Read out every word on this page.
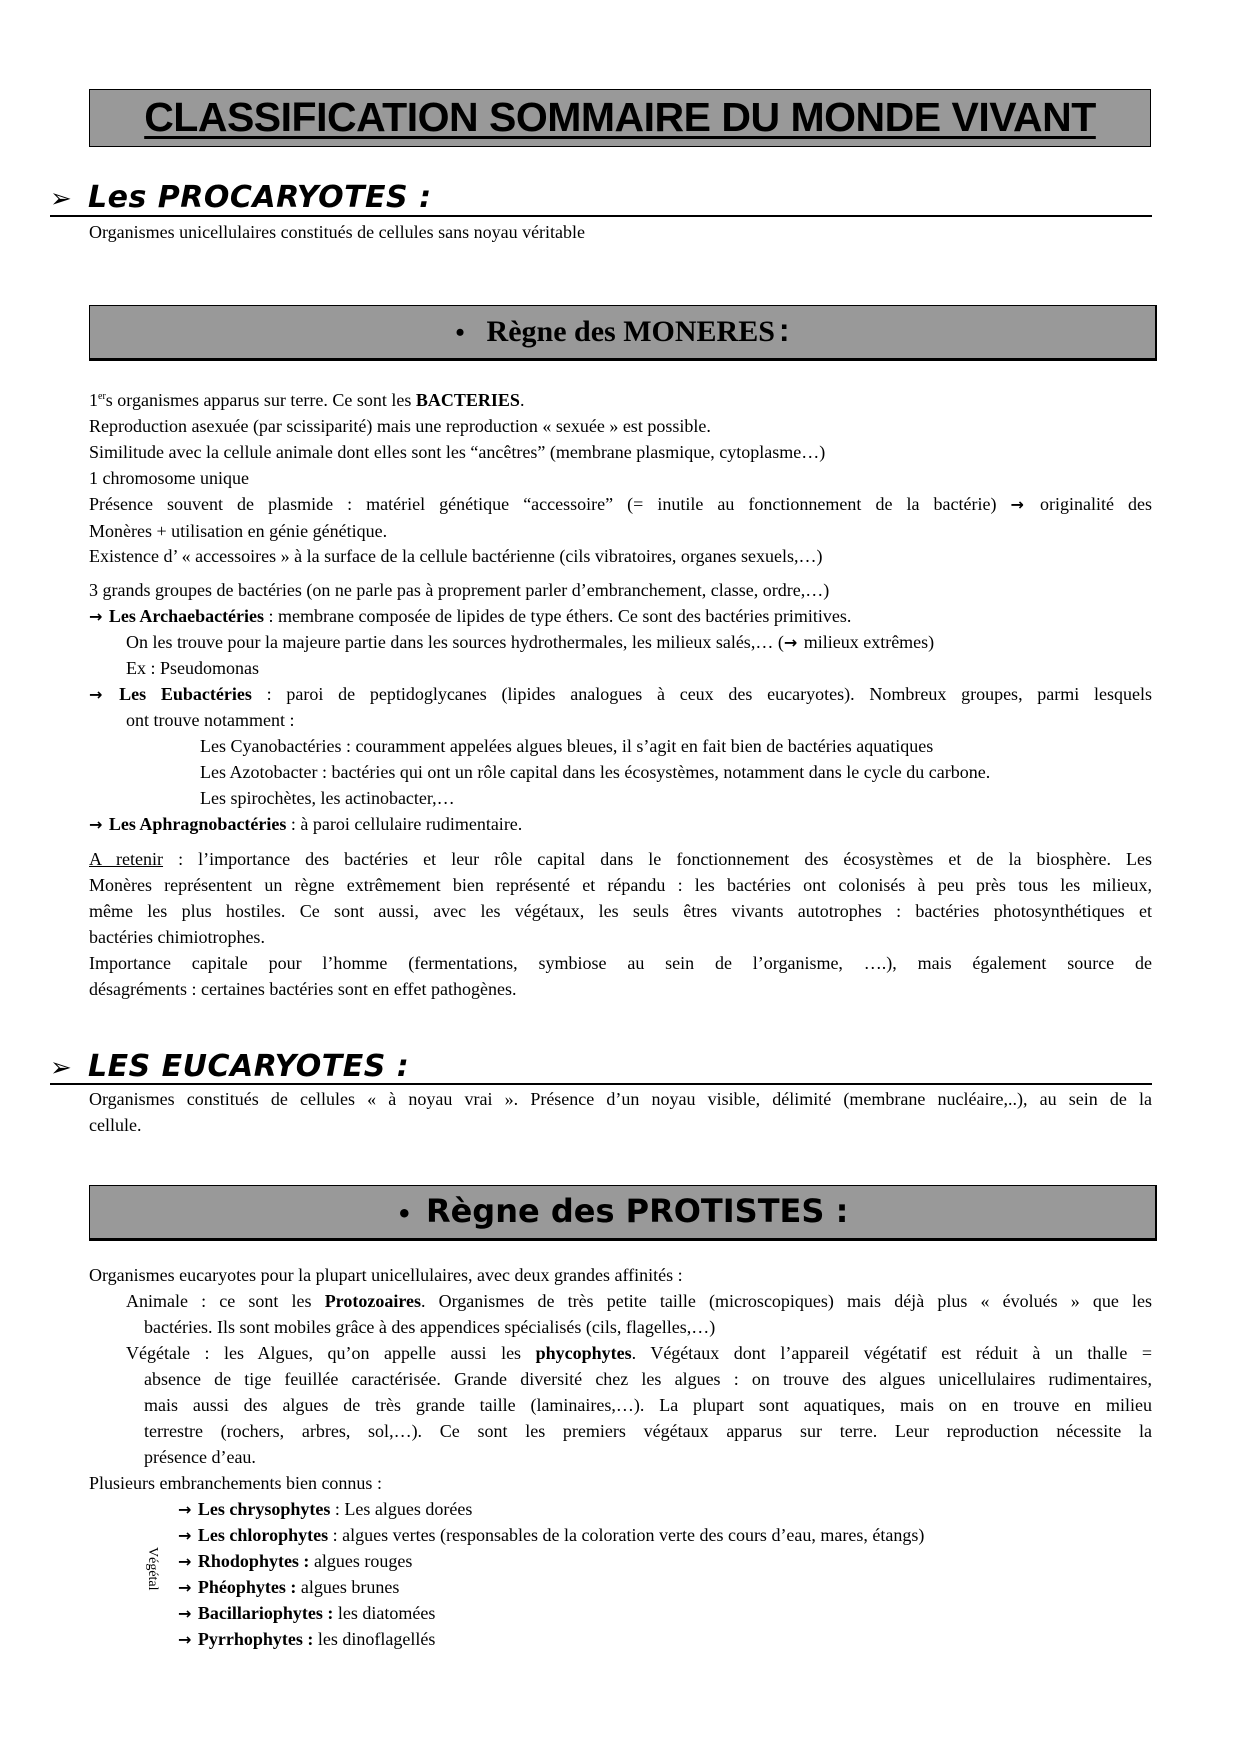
CLASSIFICATION SOMMAIRE DU MONDE VIVANT
➢ Les PROCARYOTES :
Organismes unicellulaires constitués de cellules sans noyau véritable
• Règne des MONERES :
1ers organismes apparus sur terre. Ce sont les BACTERIES.
Reproduction asexuée (par scissiparité) mais une reproduction « sexuée » est possible.
Similitude avec la cellule animale dont elles sont les “ancêtres” (membrane plasmique, cytoplasme…)
1 chromosome unique
Présence souvent de plasmide : matériel génétique “accessoire” (= inutile au fonctionnement de la bactérie) → originalité des
Monères + utilisation en génie génétique.
Existence d’ « accessoires » à la surface de la cellule bactérienne (cils vibratoires, organes sexuels,…)
3 grands groupes de bactéries (on ne parle pas à proprement parler d’embranchement, classe, ordre,…)
→ Les Archaebactéries : membrane composée de lipides de type éthers. Ce sont des bactéries primitives.
On les trouve pour la majeure partie dans les sources hydrothermales, les milieux salés,… (→ milieux extrêmes)
Ex : Pseudomonas
→ Les Eubactéries : paroi de peptidoglycanes (lipides analogues à ceux des eucaryotes). Nombreux groupes, parmi lesquels
ont trouve notamment :
Les Cyanobactéries : couramment appelées algues bleues, il s’agit en fait bien de bactéries aquatiques
Les Azotobacter : bactéries qui ont un rôle capital dans les écosystèmes, notamment dans le cycle du carbone.
Les spirochètes, les actinobacter,…
→ Les Aphragnobactéries : à paroi cellulaire rudimentaire.
A retenir : l’importance des bactéries et leur rôle capital dans le fonctionnement des écosystèmes et de la biosphère. Les
Monères représentent un règne extrêmement bien représenté et répandu : les bactéries ont colonisés à peu près tous les milieux,
même les plus hostiles. Ce sont aussi, avec les végétaux, les seuls êtres vivants autotrophes : bactéries photosynthétiques et
bactéries chimiotrophes.
Importance capitale pour l’homme (fermentations, symbiose au sein de l’organisme, ….), mais également source de
désagréments : certaines bactéries sont en effet pathogènes.
➢ LES EUCARYOTES :
Organismes constitués de cellules « à noyau vrai ». Présence d’un noyau visible, délimité (membrane nucléaire,..), au sein de la
cellule.
• Règne des PROTISTES :
Organismes eucaryotes pour la plupart unicellulaires, avec deux grandes affinités :
Animale : ce sont les Protozoaires. Organismes de très petite taille (microscopiques) mais déjà plus « évolués » que les
bactéries. Ils sont mobiles grâce à des appendices spécialisés (cils, flagelles,…)
Végétale : les Algues, qu’on appelle aussi les phycophytes. Végétaux dont l’appareil végétatif est réduit à un thalle =
absence de tige feuillée caractérisée. Grande diversité chez les algues : on trouve des algues unicellulaires rudimentaires,
mais aussi des algues de très grande taille (laminaires,…). La plupart sont aquatiques, mais on en trouve en milieu
terrestre (rochers, arbres, sol,…). Ce sont les premiers végétaux apparus sur terre. Leur reproduction nécessite la
présence d’eau.
Plusieurs embranchements bien connus :
Végétal
→ Les chrysophytes : Les algues dorées
→ Les chlorophytes : algues vertes (responsables de la coloration verte des cours d’eau, mares, étangs)
→ Rhodophytes : algues rouges
→ Phéophytes : algues brunes
→ Bacillariophytes : les diatomées
→ Pyrrhophytes : les dinoflagellés
